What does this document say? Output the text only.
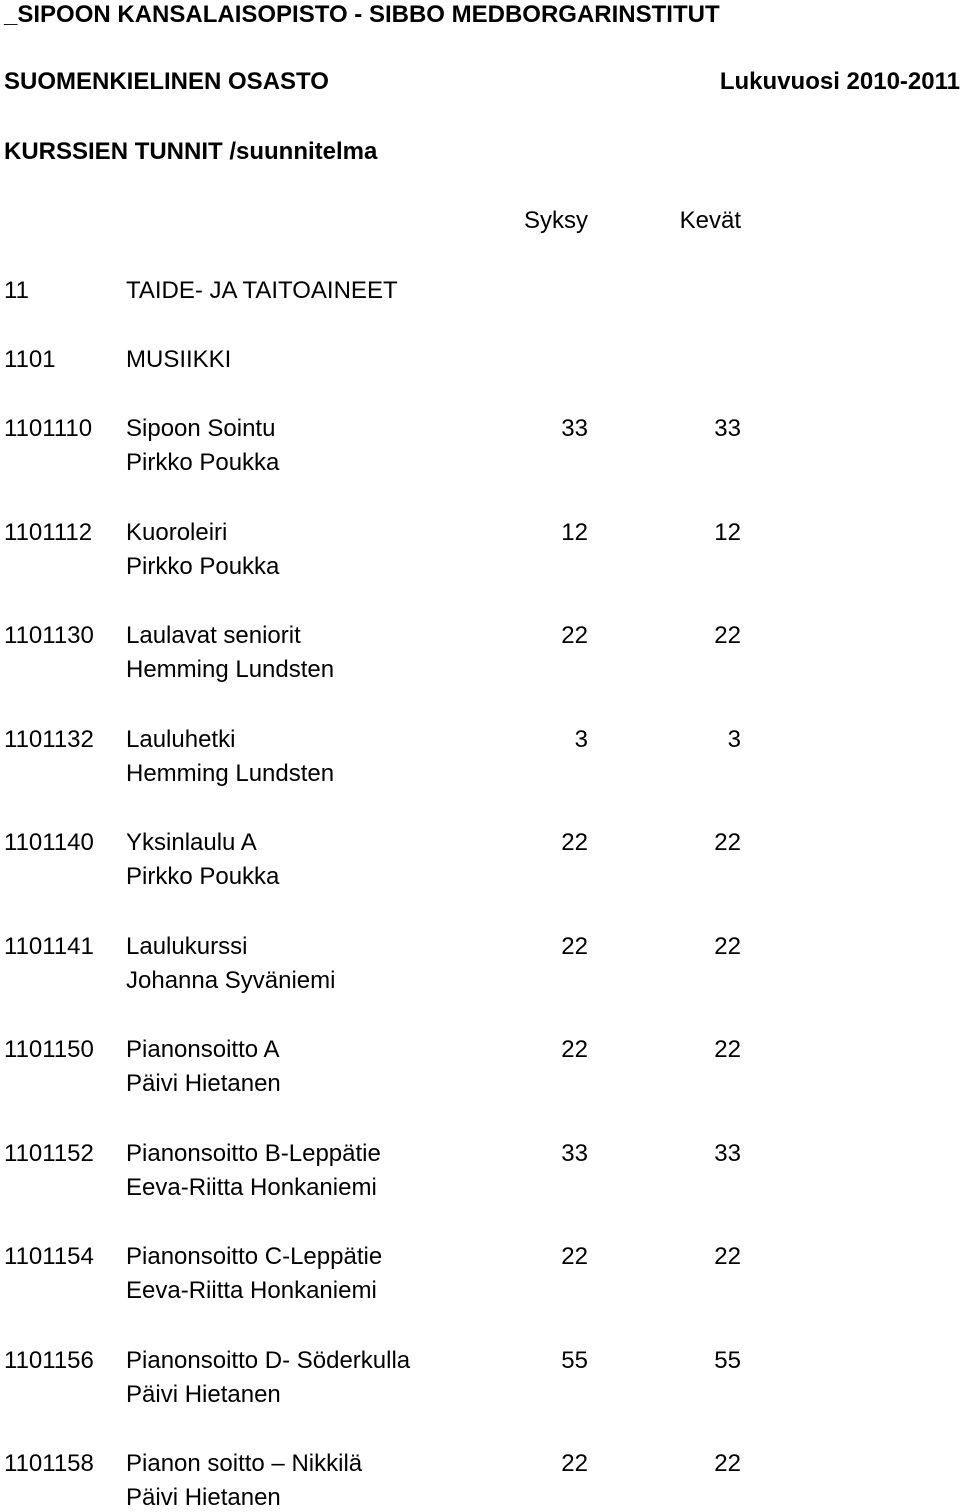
_SIPOON KANSALAISOPISTO - SIBBO MEDBORGARINSTITUT
SUOMENKIELINEN OSASTO	Lukuvuosi 2010-2011
KURSSIEN TUNNIT /suunnitelma
Syksy	Kevät
11	TAIDE- JA TAITOAINEET
1101	MUSIIKKI
1101110 Sipoon Sointu	33	33
Pirkko Poukka
1101112 Kuoroleiri	12	12
Pirkko Poukka
1101130 Laulavat seniorit	22	22
Hemming Lundsten
1101132 Lauluhetki	3	3
Hemming Lundsten
1101140 Yksinlaulu A	22	22
Pirkko Poukka
1101141 Laulukurssi	22	22
Johanna Syväniemi
1101150 Pianonsoitto A	22	22
Päivi Hietanen
1101152 Pianonsoitto B-Leppätie	33	33
Eeva-Riitta Honkaniemi
1101154 Pianonsoitto C-Leppätie	22	22
Eeva-Riitta Honkaniemi
1101156 Pianonsoitto D- Söderkulla	55	55
Päivi Hietanen
1101158 Pianon soitto – Nikkilä	22	22
Päivi Hietanen
